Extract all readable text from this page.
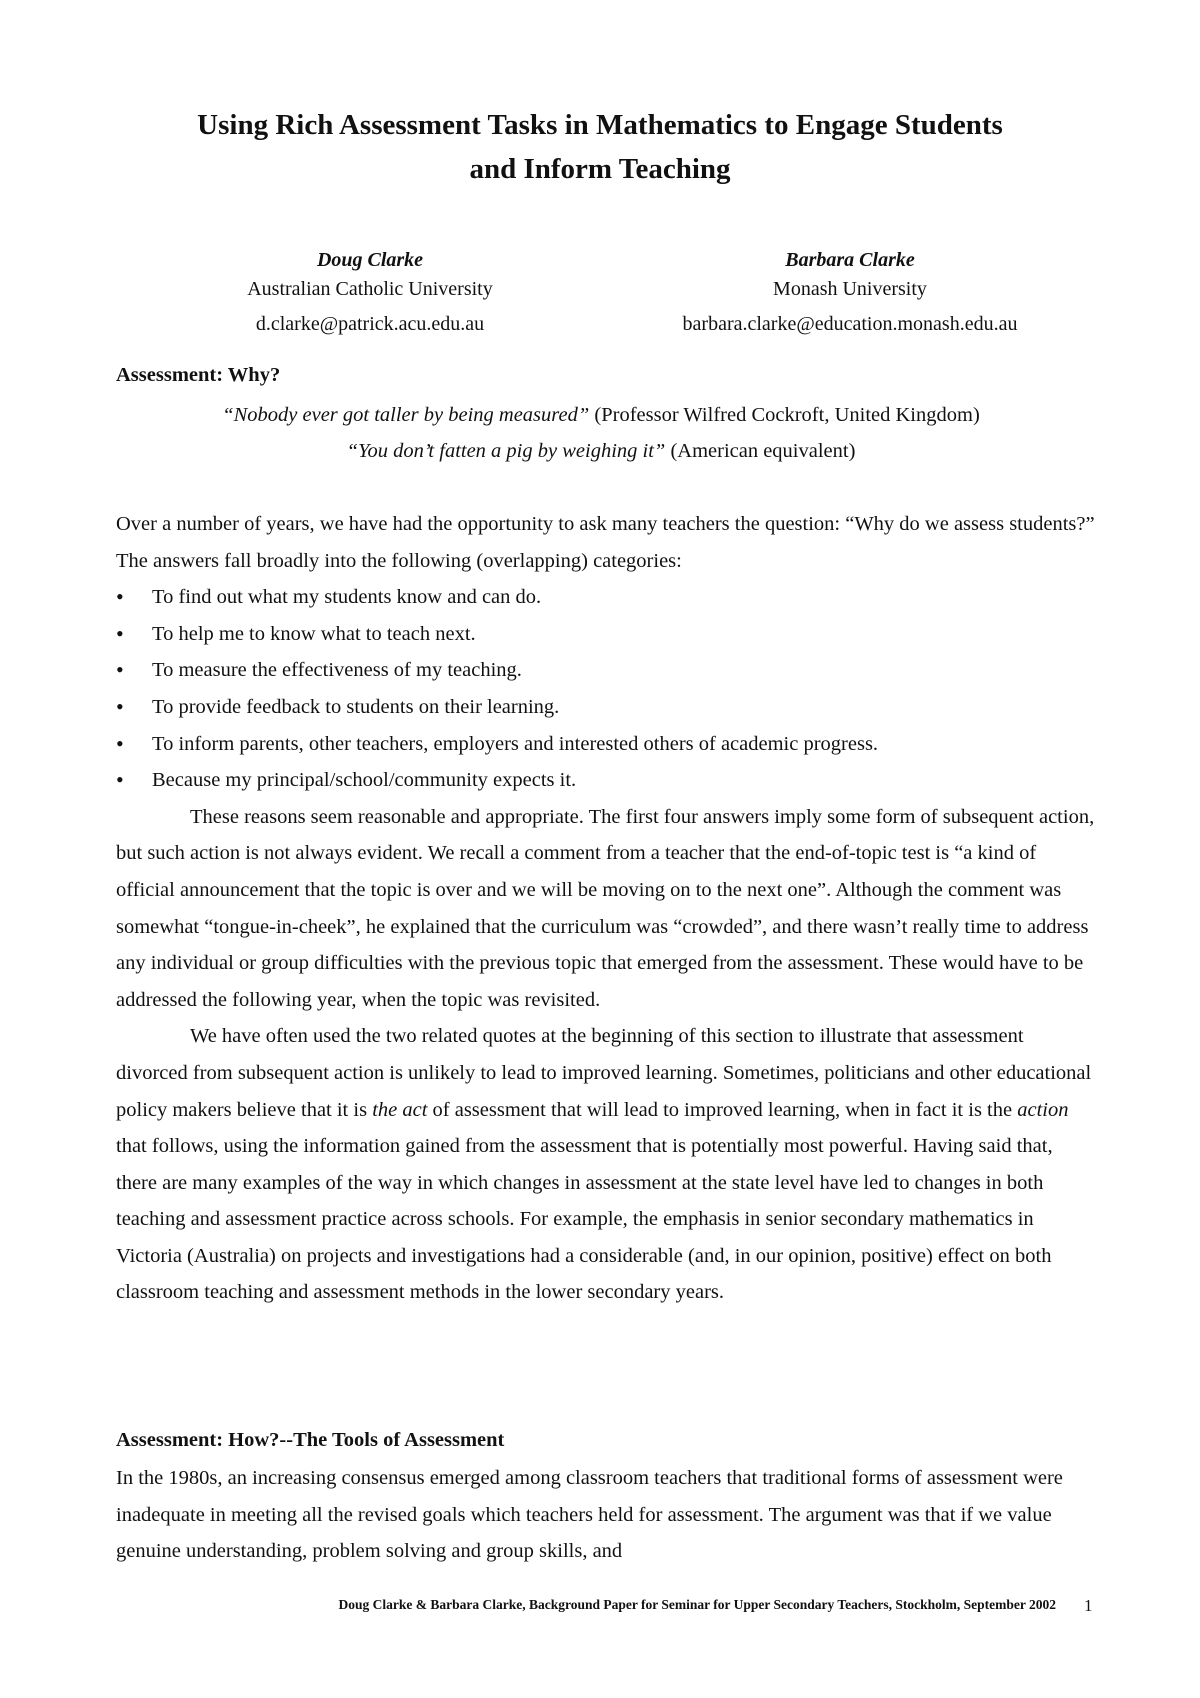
Using Rich Assessment Tasks in Mathematics to Engage Students
and Inform Teaching
Doug Clarke
Australian Catholic University
d.clarke@patrick.acu.edu.au
Barbara Clarke
Monash University
barbara.clarke@education.monash.edu.au
Assessment: Why?
“Nobody ever got taller by being measured” (Professor Wilfred Cockroft, United Kingdom)
“You don’t fatten a pig by weighing it” (American equivalent)

Over a number of years, we have had the opportunity to ask many teachers the question: “Why do we assess students?” The answers fall broadly into the following (overlapping) categories:

• To find out what my students know and can do.
• To help me to know what to teach next.
• To measure the effectiveness of my teaching.
• To provide feedback to students on their learning.
• To inform parents, other teachers, employers and interested others of academic progress.
• Because my principal/school/community expects it.

These reasons seem reasonable and appropriate. The first four answers imply some form of subsequent action, but such action is not always evident. We recall a comment from a teacher that the end-of-topic test is “a kind of official announcement that the topic is over and we will be moving on to the next one”. Although the comment was somewhat “tongue-in-cheek”, he explained that the curriculum was “crowded”, and there wasn’t really time to address any individual or group difficulties with the previous topic that emerged from the assessment. These would have to be addressed the following year, when the topic was revisited.

We have often used the two related quotes at the beginning of this section to illustrate that assessment divorced from subsequent action is unlikely to lead to improved learning. Sometimes, politicians and other educational policy makers believe that it is the act of assessment that will lead to improved learning, when in fact it is the action that follows, using the information gained from the assessment that is potentially most powerful. Having said that, there are many examples of the way in which changes in assessment at the state level have led to changes in both teaching and assessment practice across schools. For example, the emphasis in senior secondary mathematics in Victoria (Australia) on projects and investigations had a considerable (and, in our opinion, positive) effect on both classroom teaching and assessment methods in the lower secondary years.

Assessment: How?--The Tools of Assessment

In the 1980s, an increasing consensus emerged among classroom teachers that traditional forms of assessment were inadequate in meeting all the revised goals which teachers held for assessment. The argument was that if we value genuine understanding, problem solving and group skills, and

Doug Clarke & Barbara Clarke, Background Paper for Seminar for Upper Secondary Teachers, Stockholm, September 2002 1
